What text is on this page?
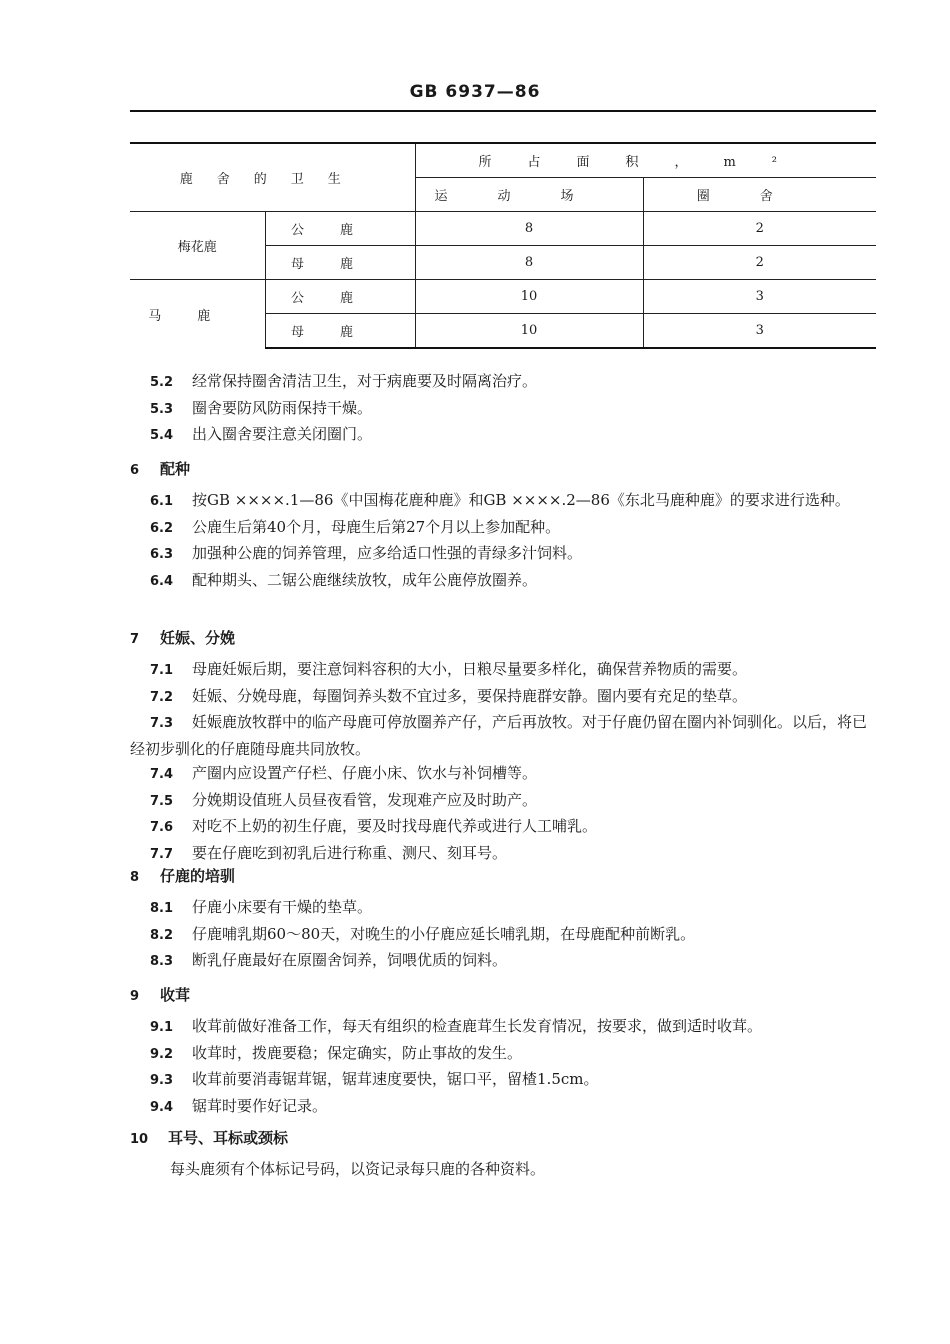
GB 6937—86
鹿舍的卫生		所占面积，m²	
		运动场	圈舍
梅花鹿	公鹿	8	2
	母鹿	8	2
马鹿	公鹿	10	3
	母鹿	10	3
5.2 经常保持圈舍清洁卫生，对于病鹿要及时隔离治疗。
5.3 圈舍要防风防雨保持干燥。
5.4 出入圈舍要注意关闭圈门。
6 配种
6.1 按GB ××××.1—86《中国梅花鹿种鹿》和GB ××××.2—86《东北马鹿种鹿》的要求进行选种。
6.2 公鹿生后第40个月，母鹿生后第27个月以上参加配种。
6.3 加强种公鹿的饲养管理，应多给适口性强的青绿多汁饲料。
6.4 配种期头、二锯公鹿继续放牧，成年公鹿停放圈养。
7 妊娠、分娩
7.1 母鹿妊娠后期，要注意饲料容积的大小，日粮尽量要多样化，确保营养物质的需要。
7.2 妊娠、分娩母鹿，每圈饲养头数不宜过多，要保持鹿群安静。圈内要有充足的垫草。
7.3 妊娠鹿放牧群中的临产母鹿可停放圈养产仔，产后再放牧。对于仔鹿仍留在圈内补饲驯化。以后，将已经初步驯化的仔鹿随母鹿共同放牧。
7.4 产圈内应设置产仔栏、仔鹿小床、饮水与补饲槽等。
7.5 分娩期设值班人员昼夜看管，发现难产应及时助产。
7.6 对吃不上奶的初生仔鹿，要及时找母鹿代养或进行人工哺乳。
7.7 要在仔鹿吃到初乳后进行称重、测尺、刻耳号。
8 仔鹿的培驯
8.1 仔鹿小床要有干燥的垫草。
8.2 仔鹿哺乳期60～80天，对晚生的小仔鹿应延长哺乳期，在母鹿配种前断乳。
8.3 断乳仔鹿最好在原圈舍饲养，饲喂优质的饲料。
9 收茸
9.1 收茸前做好准备工作，每天有组织的检查鹿茸生长发育情况，按要求，做到适时收茸。
9.2 收茸时，拨鹿要稳；保定确实，防止事故的发生。
9.3 收茸前要消毒锯茸锯，锯茸速度要快，锯口平，留楂1.5cm。
9.4 锯茸时要作好记录。
10 耳号、耳标或颈标
每头鹿须有个体标记号码，以资记录每只鹿的各种资料。
